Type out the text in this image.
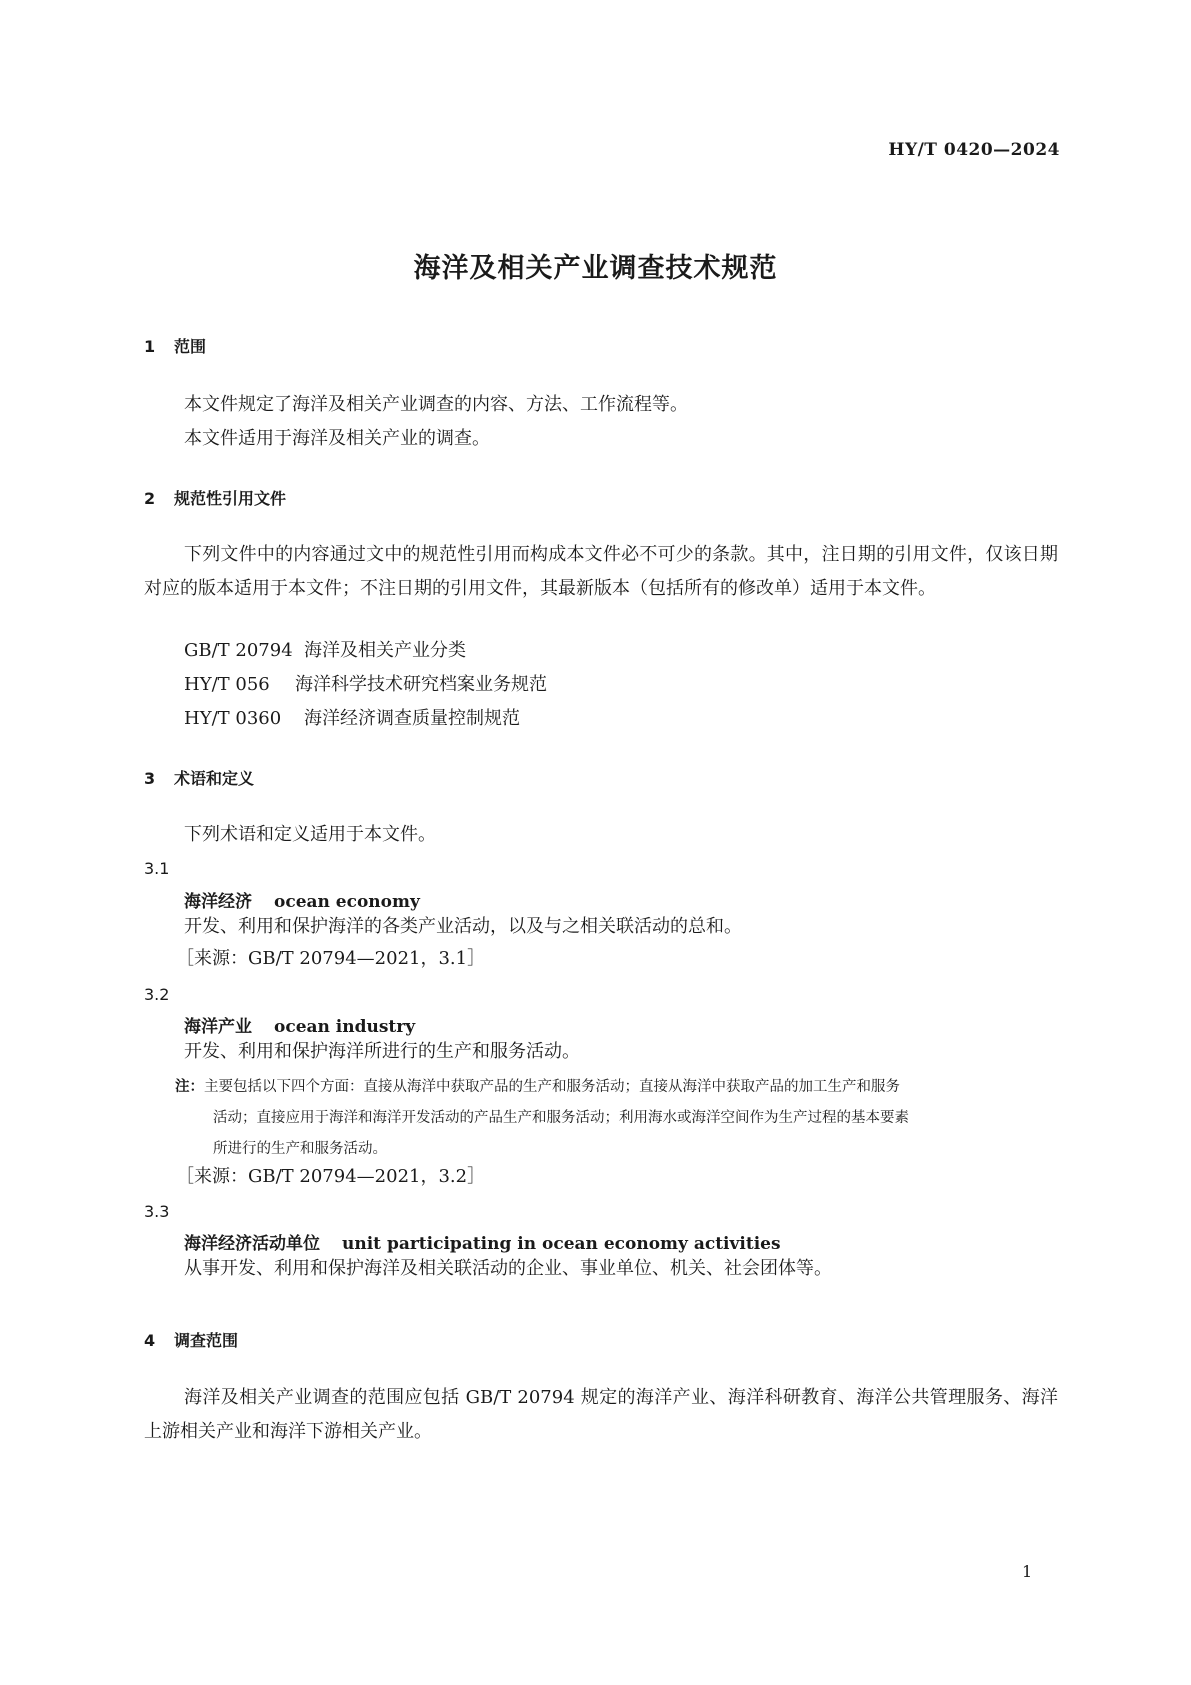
HY/T 0420—2024
海洋及相关产业调查技术规范
1 范围
本文件规定了海洋及相关产业调查的内容、方法、工作流程等。
本文件适用于海洋及相关产业的调查。
2 规范性引用文件
下列文件中的内容通过文中的规范性引用而构成本文件必不可少的条款。其中，注日期的引用文件，仅该日期对应的版本适用于本文件；不注日期的引用文件，其最新版本（包括所有的修改单）适用于本文件。
GB/T 20794 海洋及相关产业分类
HY/T 056 海洋科学技术研究档案业务规范
HY/T 0360 海洋经济调查质量控制规范
3 术语和定义
下列术语和定义适用于本文件。
3.1
海洋经济 ocean economy
开发、利用和保护海洋的各类产业活动，以及与之相关联活动的总和。
［来源：GB/T 20794—2021，3.1］
3.2
海洋产业 ocean industry
开发、利用和保护海洋所进行的生产和服务活动。
注：主要包括以下四个方面：直接从海洋中获取产品的生产和服务活动；直接从海洋中获取产品的加工生产和服务
活动；直接应用于海洋和海洋开发活动的产品生产和服务活动；利用海水或海洋空间作为生产过程的基本要素
所进行的生产和服务活动。
［来源：GB/T 20794—2021，3.2］
3.3
海洋经济活动单位 unit participating in ocean economy activities
从事开发、利用和保护海洋及相关联活动的企业、事业单位、机关、社会团体等。
4 调查范围
海洋及相关产业调查的范围应包括 GB/T 20794 规定的海洋产业、海洋科研教育、海洋公共管理服务、海洋上游相关产业和海洋下游相关产业。
1
